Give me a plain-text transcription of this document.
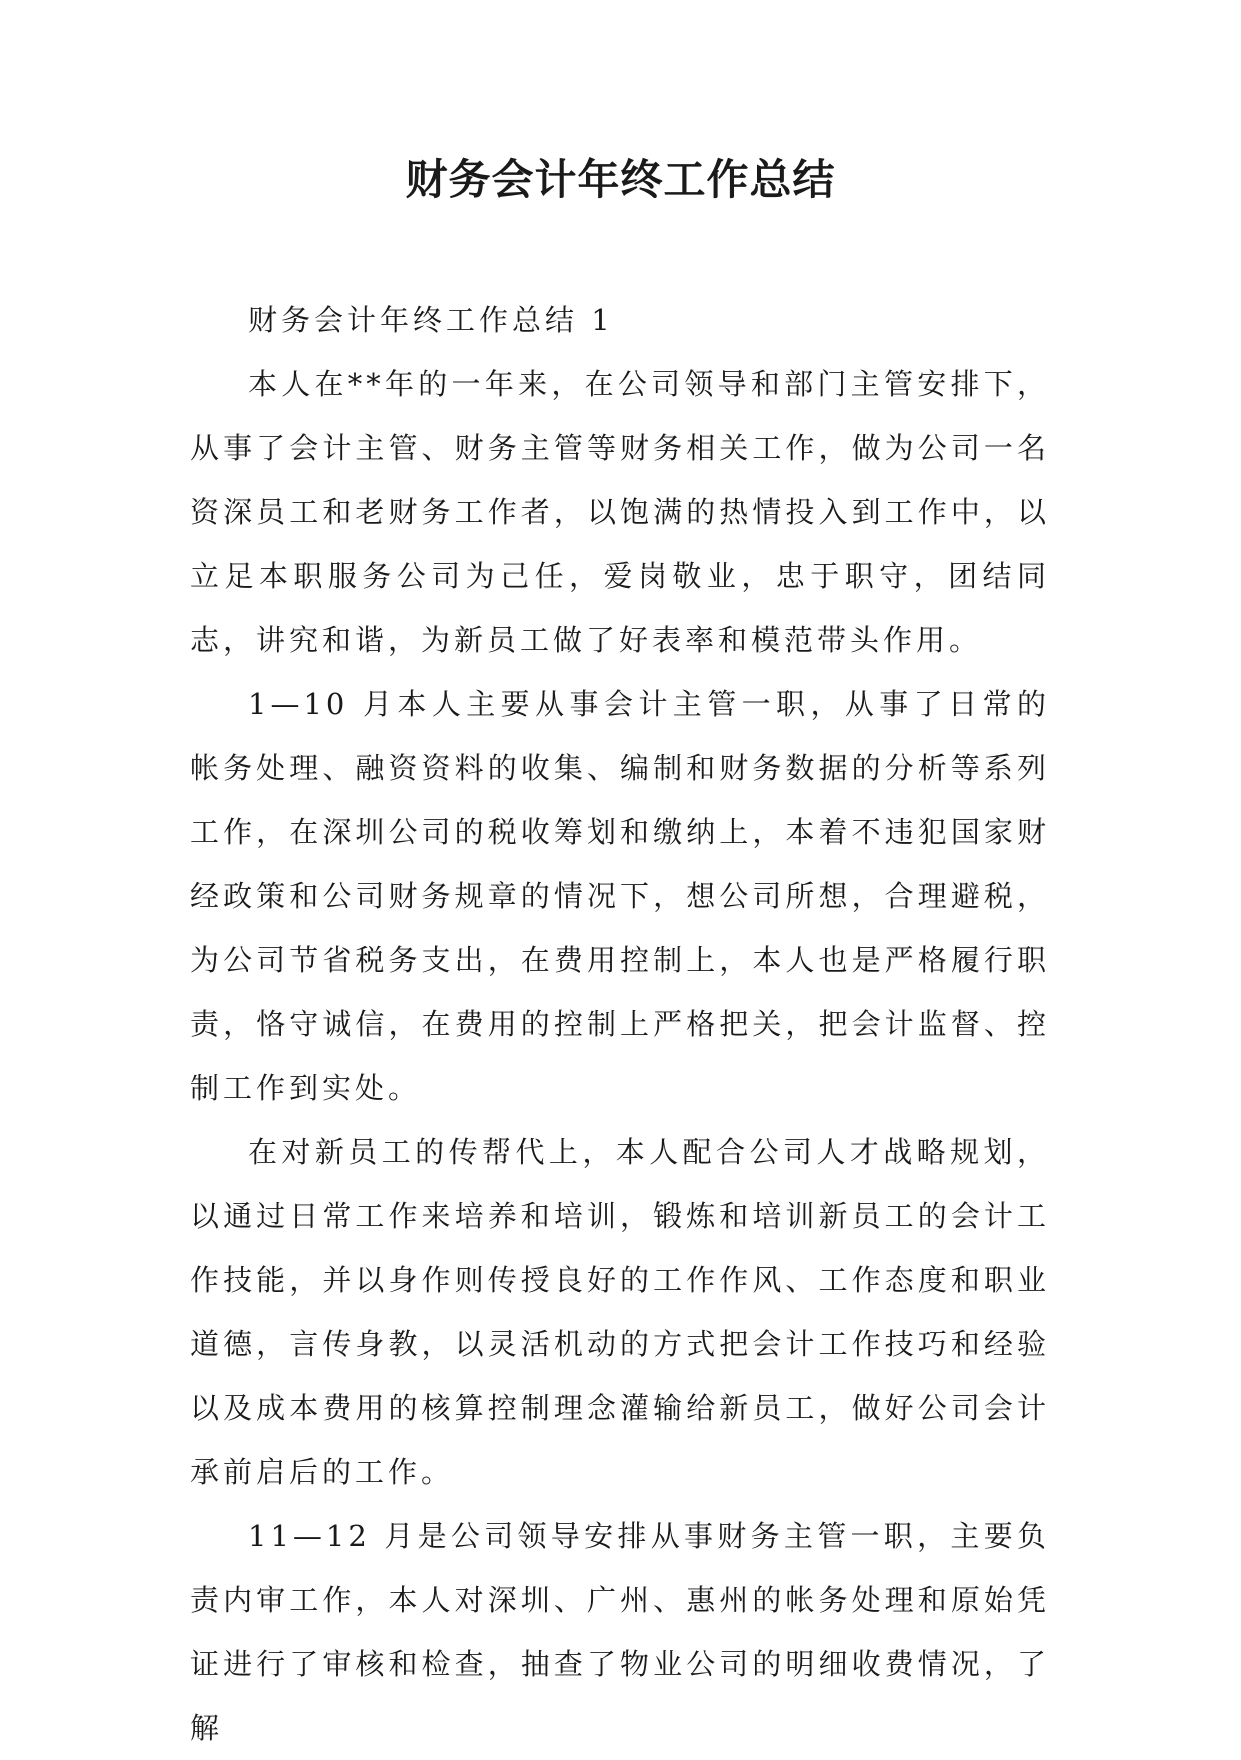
财务会计年终工作总结

财务会计年终工作总结 1

本人在**年的一年来，在公司领导和部门主管安排下，从事了会计主管、财务主管等财务相关工作，做为公司一名资深员工和老财务工作者，以饱满的热情投入到工作中，以立足本职服务公司为己任，爱岗敬业，忠于职守，团结同志，讲究和谐，为新员工做了好表率和模范带头作用。

1—10 月本人主要从事会计主管一职，从事了日常的帐务处理、融资资料的收集、编制和财务数据的分析等系列工作，在深圳公司的税收筹划和缴纳上，本着不违犯国家财经政策和公司财务规章的情况下，想公司所想，合理避税，为公司节省税务支出，在费用控制上，本人也是严格履行职责，恪守诚信，在费用的控制上严格把关，把会计监督、控制工作到实处。

在对新员工的传帮代上，本人配合公司人才战略规划，以通过日常工作来培养和培训，锻炼和培训新员工的会计工作技能，并以身作则传授良好的工作作风、工作态度和职业道德，言传身教，以灵活机动的方式把会计工作技巧和经验以及成本费用的核算控制理念灌输给新员工，做好公司会计承前启后的工作。

11—12 月是公司领导安排从事财务主管一职，主要负责内审工作，本人对深圳、广州、惠州的帐务处理和原始凭证进行了审核和检查，抽查了物业公司的明细收费情况，了解
